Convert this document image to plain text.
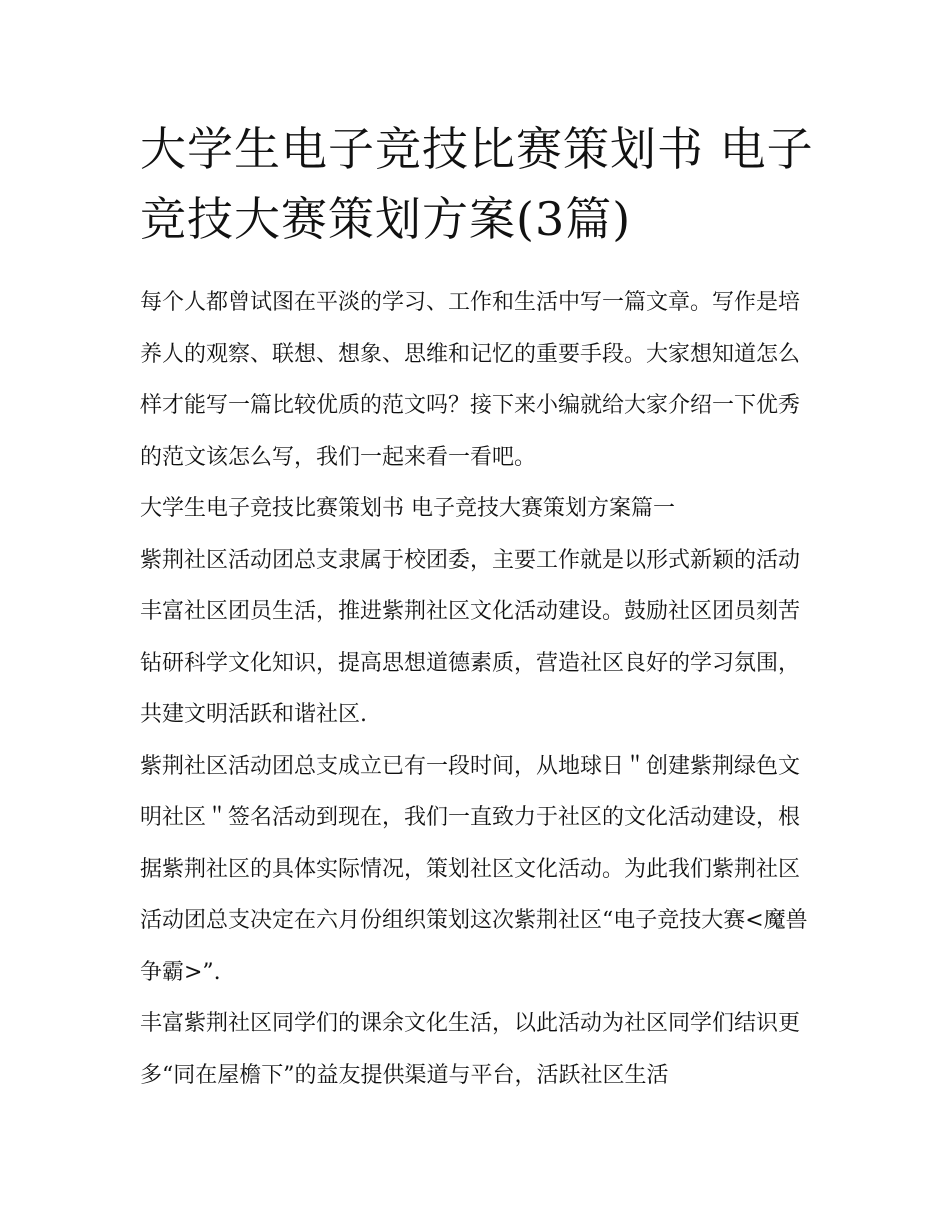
大学生电子竞技比赛策划书 电子竞技大赛策划方案(3篇)

每个人都曾试图在平淡的学习、工作和生活中写一篇文章。写作是培养人的观察、联想、想象、思维和记忆的重要手段。大家想知道怎么样才能写一篇比较优质的范文吗？接下来小编就给大家介绍一下优秀的范文该怎么写，我们一起来看一看吧。

大学生电子竞技比赛策划书 电子竞技大赛策划方案篇一

紫荆社区活动团总支隶属于校团委，主要工作就是以形式新颖的活动丰富社区团员生活，推进紫荆社区文化活动建设。鼓励社区团员刻苦钻研科学文化知识，提高思想道德素质，营造社区良好的学习氛围，共建文明活跃和谐社区.

紫荆社区活动团总支成立已有一段时间，从地球日＂创建紫荆绿色文明社区＂签名活动到现在，我们一直致力于社区的文化活动建设，根据紫荆社区的具体实际情况，策划社区文化活动。为此我们紫荆社区活动团总支决定在六月份组织策划这次紫荆社区“电子竞技大赛<魔兽争霸>”.

丰富紫荆社区同学们的课余文化生活，以此活动为社区同学们结识更多“同在屋檐下”的益友提供渠道与平台，活跃社区生活
